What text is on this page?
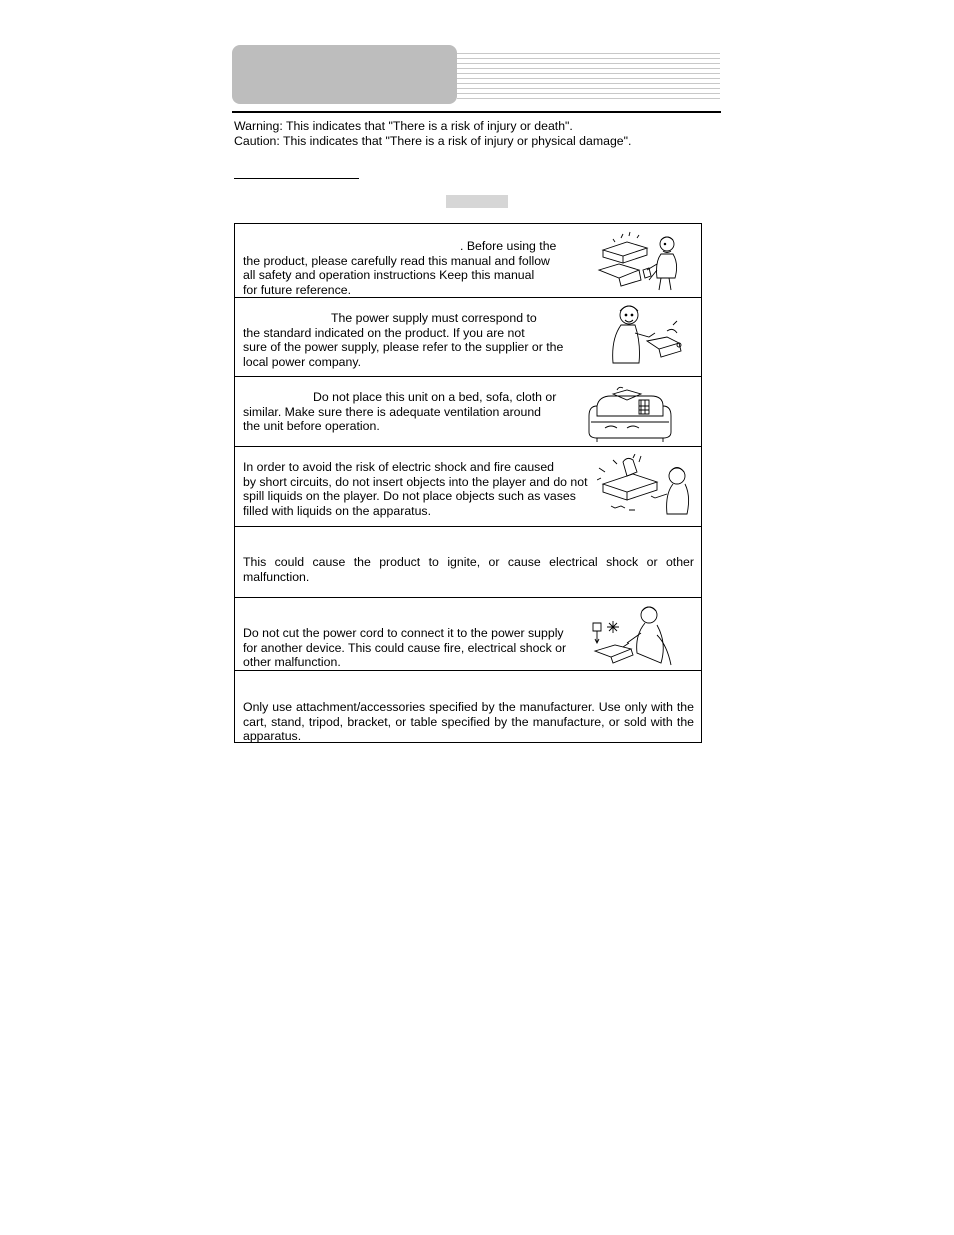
Warning: This indicates that "There is a risk of injury or death".
Caution: This indicates that "There is a risk of injury or physical damage".
. Before using the
the product, please carefully read this manual and follow
all safety and operation instructions Keep this manual
for future reference.
The power supply must correspond to
the standard indicated on the product. If you are not
sure of the power supply, please refer to the supplier or the
local power company.
Do not place this unit on a bed, sofa, cloth or
similar. Make sure there is adequate ventilation around
the unit before operation.
In order to avoid the risk of electric shock and fire caused
by short circuits, do not insert objects into the player and do not
spill liquids on the player. Do not place objects such as vases
filled with liquids on the apparatus.
This could cause the product to ignite, or cause electrical shock or other malfunction.
Do not cut the power cord to connect it to the power supply
for another device. This could cause fire, electrical shock or
other malfunction.
Only use attachment/accessories specified by the manufacturer. Use only with the cart, stand, tripod, bracket, or table specified by the manufacture, or sold with the apparatus.
